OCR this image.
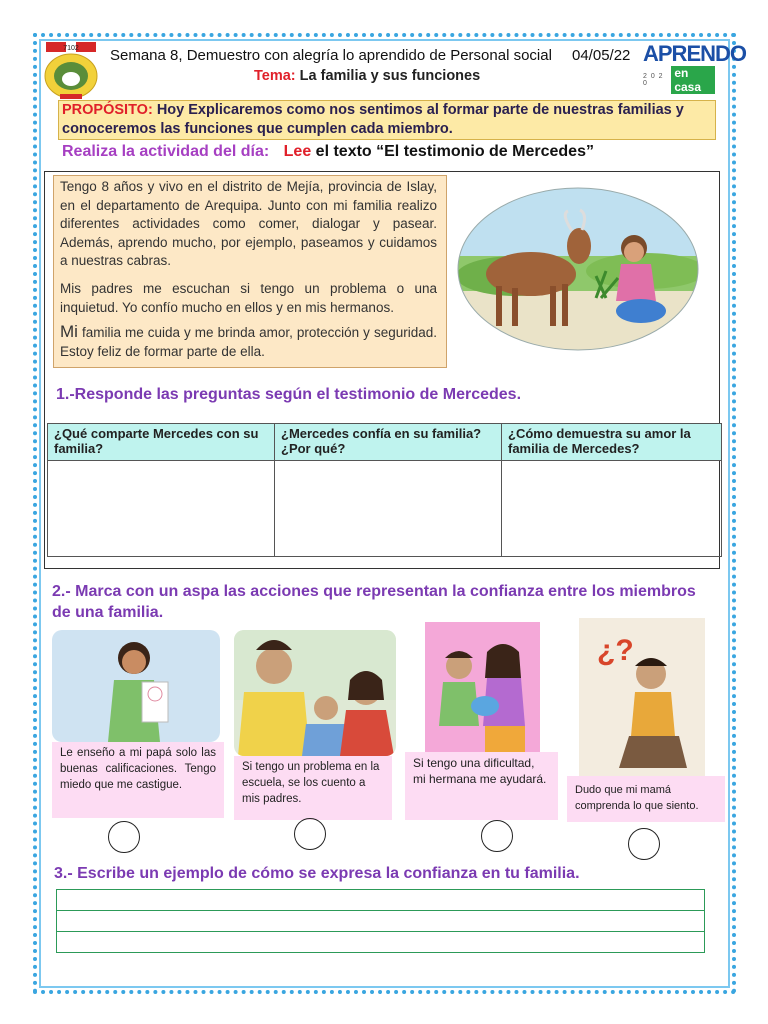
7102 Semana 8, Demuestro con alegría lo aprendido de Personal social 04/05/22
Tema: La familia y sus funciones
APRENDO
2 0 2 0
en casa
PROPÓSITO: Hoy Explicaremos como nos sentimos al formar parte de nuestras familias y conoceremos las funciones que cumplen cada miembro.
Realiza la actividad del día: Lee el texto “El testimonio de Mercedes”
Tengo 8 años y vivo en el distrito de Mejía, provincia de Islay, en el departamento de Arequipa. Junto con mi familia realizo diferentes actividades como comer, dialogar y pasear. Además, aprendo mucho, por ejemplo, paseamos y cuidamos a nuestras cabras.
Mis padres me escuchan si tengo un problema o una inquietud. Yo confío mucho en ellos y en mis hermanos.
Mi familia me cuida y me brinda amor, protección y seguridad. Estoy feliz de formar parte de ella.
1.-Responde las preguntas según el testimonio de Mercedes.
¿Qué comparte Mercedes con su familia?	¿Mercedes confía en su familia? ¿Por qué?	¿Cómo demuestra su amor la familia de Mercedes?

2.- Marca con un aspa las acciones que representan la confianza entre los miembros de una familia.
Le enseño a mi papá solo las buenas calificaciones. Tengo miedo que me castigue.
Si tengo un problema en la escuela, se los cuento a mis padres.
Si tengo una dificultad, mi hermana me ayudará.
¿?
Dudo que mi mamá comprenda lo que siento.
3.- Escribe un ejemplo de cómo se expresa la confianza en tu familia.
